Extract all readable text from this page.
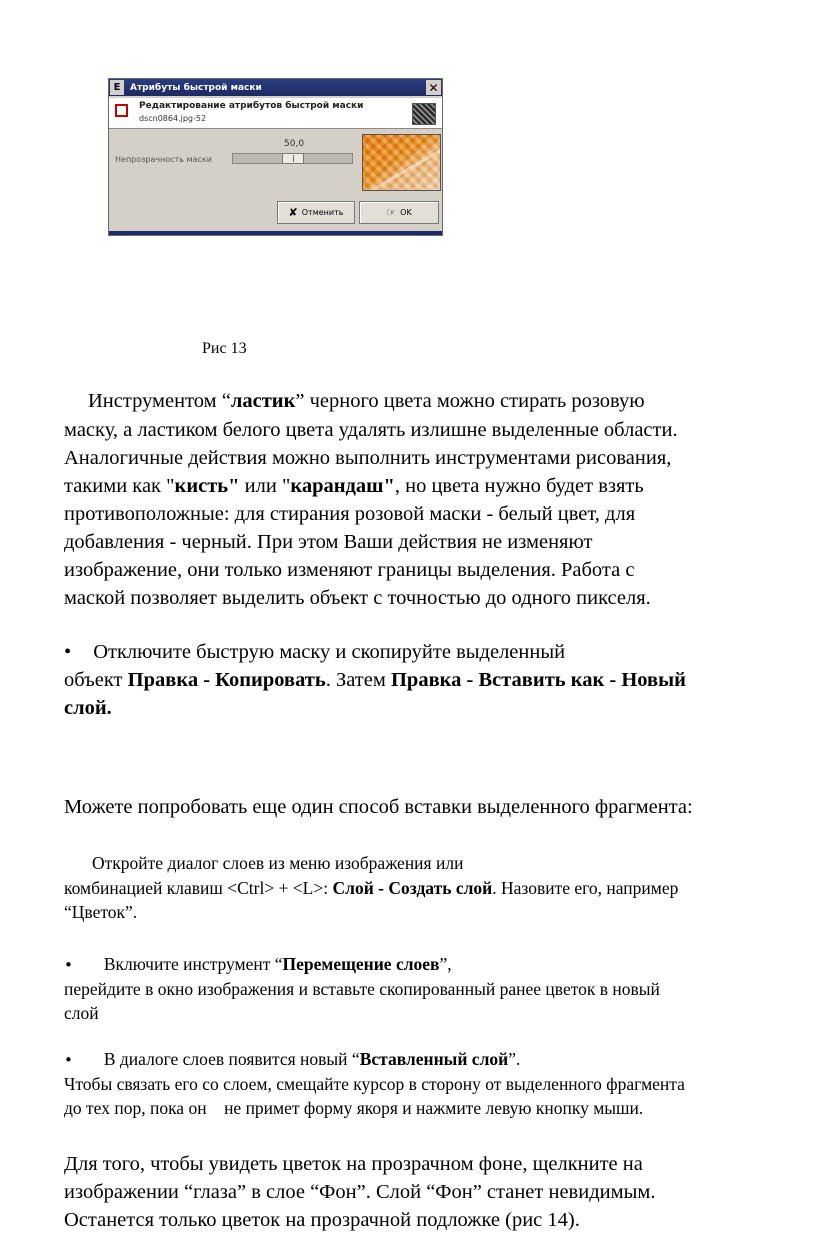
E	Атрибуты быстрой маски	✕
Редактирование атрибутов быстрой маски
dscn0864.jpg-52
50,0
Непрозрачность маски
✘ Отменить	☞ OK
Рис 13

Инструментом “ластик” черного цвета можно стирать розовую
маску, а ластиком белого цвета удалять излишне выделенные области.
Аналогичные действия можно выполнить инструментами рисования,
такими как "кисть" или "карандаш", но цвета нужно будет взять
противоположные: для стирания розовой маски - белый цвет, для
добавления - черный. При этом Ваши действия не изменяют
изображение, они только изменяют границы выделения. Работа с
маской позволяет выделить объект с точностью до одного пикселя.

• Отключите быструю маску и скопируйте выделенный
объект Правка - Копировать. Затем Правка - Вставить как - Новый
слой.

Можете попробовать еще один способ вставки выделенного фрагмента:

Откройте диалог слоев из меню изображения или
комбинацией клавиш <Ctrl> + <L>: Слой - Создать слой. Назовите его, например
“Цветок”.

• Включите инструмент “Перемещение слоев”,
перейдите в окно изображения и вставьте скопированный ранее цветок в новый
слой

• В диалоге слоев появится новый “Вставленный слой”.
Чтобы связать его со слоем, смещайте курсор в сторону от выделенного фрагмента
до тех пор, пока он    не примет форму якоря и нажмите левую кнопку мыши.

Для того, чтобы увидеть цветок на прозрачном фоне, щелкните на
изображении “глаза” в слое “Фон”. Слой “Фон” станет невидимым.
Останется только цветок на прозрачной подложке (рис 14).
